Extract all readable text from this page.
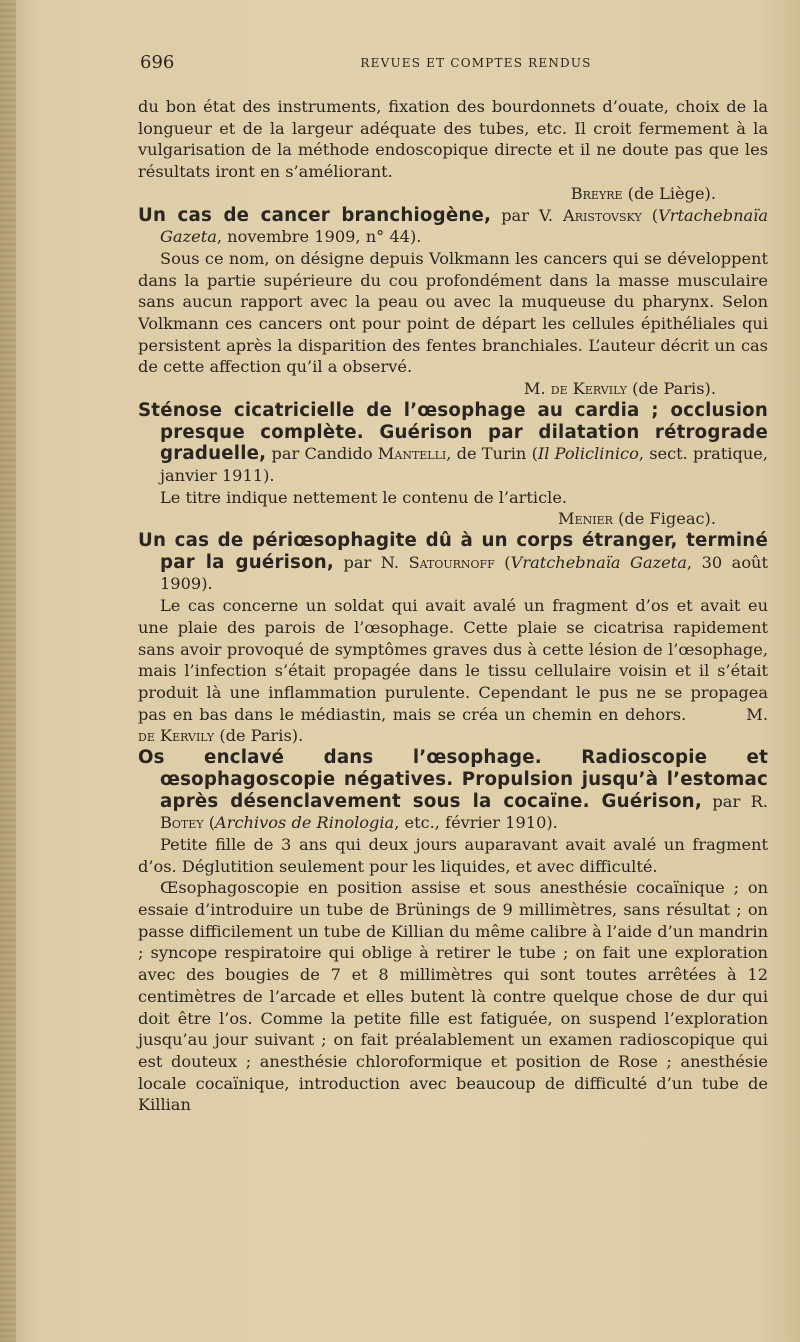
696	REVUES ET COMPTES RENDUS

du bon état des instruments, fixation des bourdonnets d’ouate, choix de la longueur et de la largeur adéquate des tubes, etc. Il croit fermement à la vulgarisation de la méthode endoscopique directe et il ne doute pas que les résultats iront en s’améliorant.

Breyre (de Liège).

Un cas de cancer branchiogène, par V. Aristovsky (Vrtachebnaïa Gazeta, novembre 1909, n° 44).

Sous ce nom, on désigne depuis Volkmann les cancers qui se développent dans la partie supérieure du cou profondément dans la masse musculaire sans aucun rapport avec la peau ou avec la muqueuse du pharynx. Selon Volkmann ces cancers ont pour point de départ les cellules épithéliales qui persistent après la disparition des fentes branchiales. L’auteur décrit un cas de cette affection qu’il a observé.

M. de Kervily (de Paris).

Sténose cicatricielle de l’œsophage au cardia ; occlusion presque complète. Guérison par dilatation rétrograde graduelle, par Candido Mantelli, de Turin (Il Policlinico, sect. pratique, janvier 1911).

Le titre indique nettement le contenu de l’article.

Menier (de Figeac).

Un cas de périœsophagite dû à un corps étranger, terminé par la guérison, par N. Satournoff (Vratchebnaïa Gazeta, 30 août 1909).

Le cas concerne un soldat qui avait avalé un fragment d’os et avait eu une plaie des parois de l’œsophage. Cette plaie se cicatrisa rapidement sans avoir provoqué de symptômes graves dus à cette lésion de l’œsophage, mais l’infection s’était propagée dans le tissu cellulaire voisin et il s’était produit là une inflammation purulente. Cependant le pus ne se propagea pas en bas dans le médiastin, mais se créa un chemin en dehors.	M. de Kervily (de Paris).

Os enclavé dans l’œsophage. Radioscopie et œsophagoscopie négatives. Propulsion jusqu’à l’estomac après désenclavement sous la cocaïne. Guérison, par R. Botey (Archivos de Rinologia, etc., février 1910).

Petite fille de 3 ans qui deux jours auparavant avait avalé un fragment d’os. Déglutition seulement pour les liquides, et avec difficulté.

Œsophagoscopie en position assise et sous anesthésie cocaïnique ; on essaie d’introduire un tube de Brünings de 9 millimètres, sans résultat ; on passe difficilement un tube de Killian du même calibre à l’aide d’un mandrin ; syncope respiratoire qui oblige à retirer le tube ; on fait une exploration avec des bougies de 7 et 8 millimètres qui sont toutes arrêtées à 12 centimètres de l’arcade et elles butent là contre quelque chose de dur qui doit être l’os. Comme la petite fille est fatiguée, on suspend l’exploration jusqu’au jour suivant ; on fait préalablement un examen radioscopique qui est douteux ; anesthésie chloroformique et position de Rose ; anesthésie locale cocaïnique, introduction avec beaucoup de difficulté d’un tube de Killian
